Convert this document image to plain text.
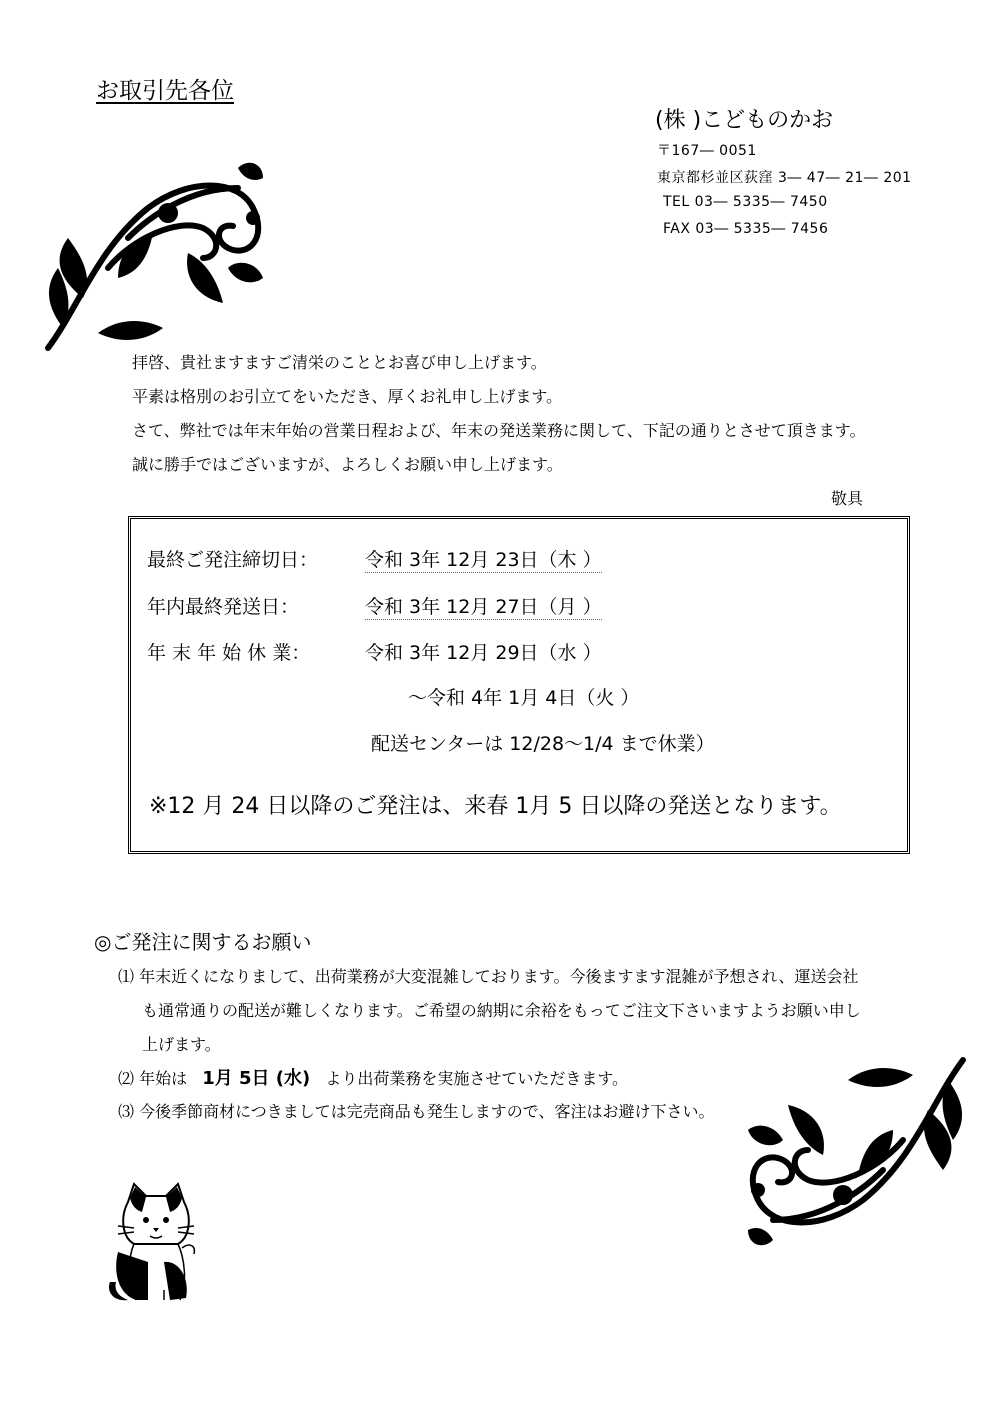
お取引先各位
(株 )こどものかお
〒167― 0051
東京都杉並区荻窪 3― 47― 21― 201
TEL 03― 5335― 7450
FAX 03― 5335― 7456
拝啓、貴社ますますご清栄のこととお喜び申し上げます。
平素は格別のお引立てをいただき、厚くお礼申し上げます。
さて、弊社では年末年始の営業日程および、年末の発送業務に関して、下記の通りとさせて頂きます。
誠に勝手ではございますが、よろしくお願い申し上げます。
敬具
最終ご発注締切日： 令和 3年 12月 23日（木 ）
年内最終発送日：	令和 3年 12月 27日（月 ）
年 末 年 始 休 業：	令和 3年 12月 29日（水 ）
～令和 4年 1月 4日（火 ）
配送センターは 12/28～1/4 まで休業）
※12 月 24 日以降のご発注は、来春 1月 5 日以降の発送となります。
◎ご発注に関するお願い
⑴ 年末近くになりまして、出荷業務が大変混雑しております。今後ますます混雑が予想され、運送会社
も通常通りの配送が難しくなります。ご希望の納期に余裕をもってご注文下さいますようお願い申し
上げます。
⑵ 年始は 1月 5日 (水) より出荷業務を実施させていただきます。
⑶ 今後季節商材につきましては完売商品も発生しますので、客注はお避け下さい。
